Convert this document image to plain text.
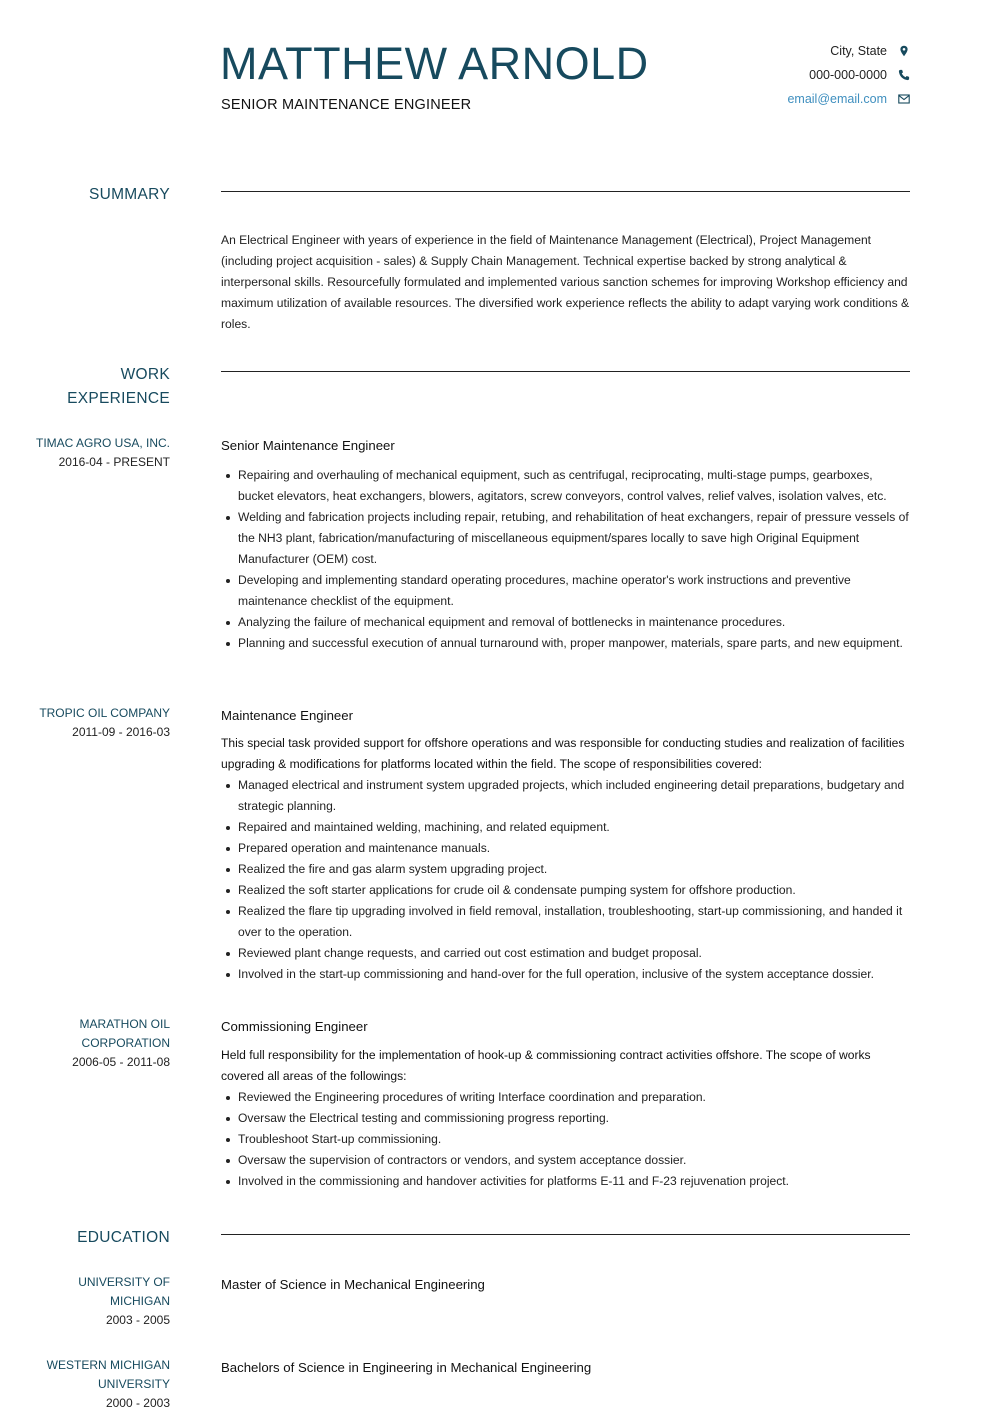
MATTHEW ARNOLD
SENIOR MAINTENANCE ENGINEER
City, State
000-000-0000
email@email.com
SUMMARY
An Electrical Engineer with years of experience in the field of Maintenance Management (Electrical), Project Management (including project acquisition - sales) & Supply Chain Management. Technical expertise backed by strong analytical & interpersonal skills. Resourcefully formulated and implemented various sanction schemes for improving Workshop efficiency and maximum utilization of available resources. The diversified work experience reflects the ability to adapt varying work conditions & roles.
WORK
EXPERIENCE
TIMAC AGRO USA, INC.
2016-04 - PRESENT
Senior Maintenance Engineer
Repairing and overhauling of mechanical equipment, such as centrifugal, reciprocating, multi-stage pumps, gearboxes, bucket elevators, heat exchangers, blowers, agitators, screw conveyors, control valves, relief valves, isolation valves, etc.
Welding and fabrication projects including repair, retubing, and rehabilitation of heat exchangers, repair of pressure vessels of the NH3 plant, fabrication/manufacturing of miscellaneous equipment/spares locally to save high Original Equipment Manufacturer (OEM) cost.
Developing and implementing standard operating procedures, machine operator's work instructions and preventive maintenance checklist of the equipment.
Analyzing the failure of mechanical equipment and removal of bottlenecks in maintenance procedures.
Planning and successful execution of annual turnaround with, proper manpower, materials, spare parts, and new equipment.
TROPIC OIL COMPANY
2011-09 - 2016-03
Maintenance Engineer
This special task provided support for offshore operations and was responsible for conducting studies and realization of facilities upgrading & modifications for platforms located within the field. The scope of responsibilities covered:
Managed electrical and instrument system upgraded projects, which included engineering detail preparations, budgetary and strategic planning.
Repaired and maintained welding, machining, and related equipment.
Prepared operation and maintenance manuals.
Realized the fire and gas alarm system upgrading project.
Realized the soft starter applications for crude oil & condensate pumping system for offshore production.
Realized the flare tip upgrading involved in field removal, installation, troubleshooting, start-up commissioning, and handed it over to the operation.
Reviewed plant change requests, and carried out cost estimation and budget proposal.
Involved in the start-up commissioning and hand-over for the full operation, inclusive of the system acceptance dossier.
MARATHON OIL
CORPORATION
2006-05 - 2011-08
Commissioning Engineer
Held full responsibility for the implementation of hook-up & commissioning contract activities offshore. The scope of works covered all areas of the followings:
Reviewed the Engineering procedures of writing Interface coordination and preparation.
Oversaw the Electrical testing and commissioning progress reporting.
Troubleshoot Start-up commissioning.
Oversaw the supervision of contractors or vendors, and system acceptance dossier.
Involved in the commissioning and handover activities for platforms E-11 and F-23 rejuvenation project.
EDUCATION
UNIVERSITY OF
MICHIGAN
2003 - 2005
Master of Science in Mechanical Engineering
WESTERN MICHIGAN
UNIVERSITY
2000 - 2003
Bachelors of Science in Engineering in Mechanical Engineering
